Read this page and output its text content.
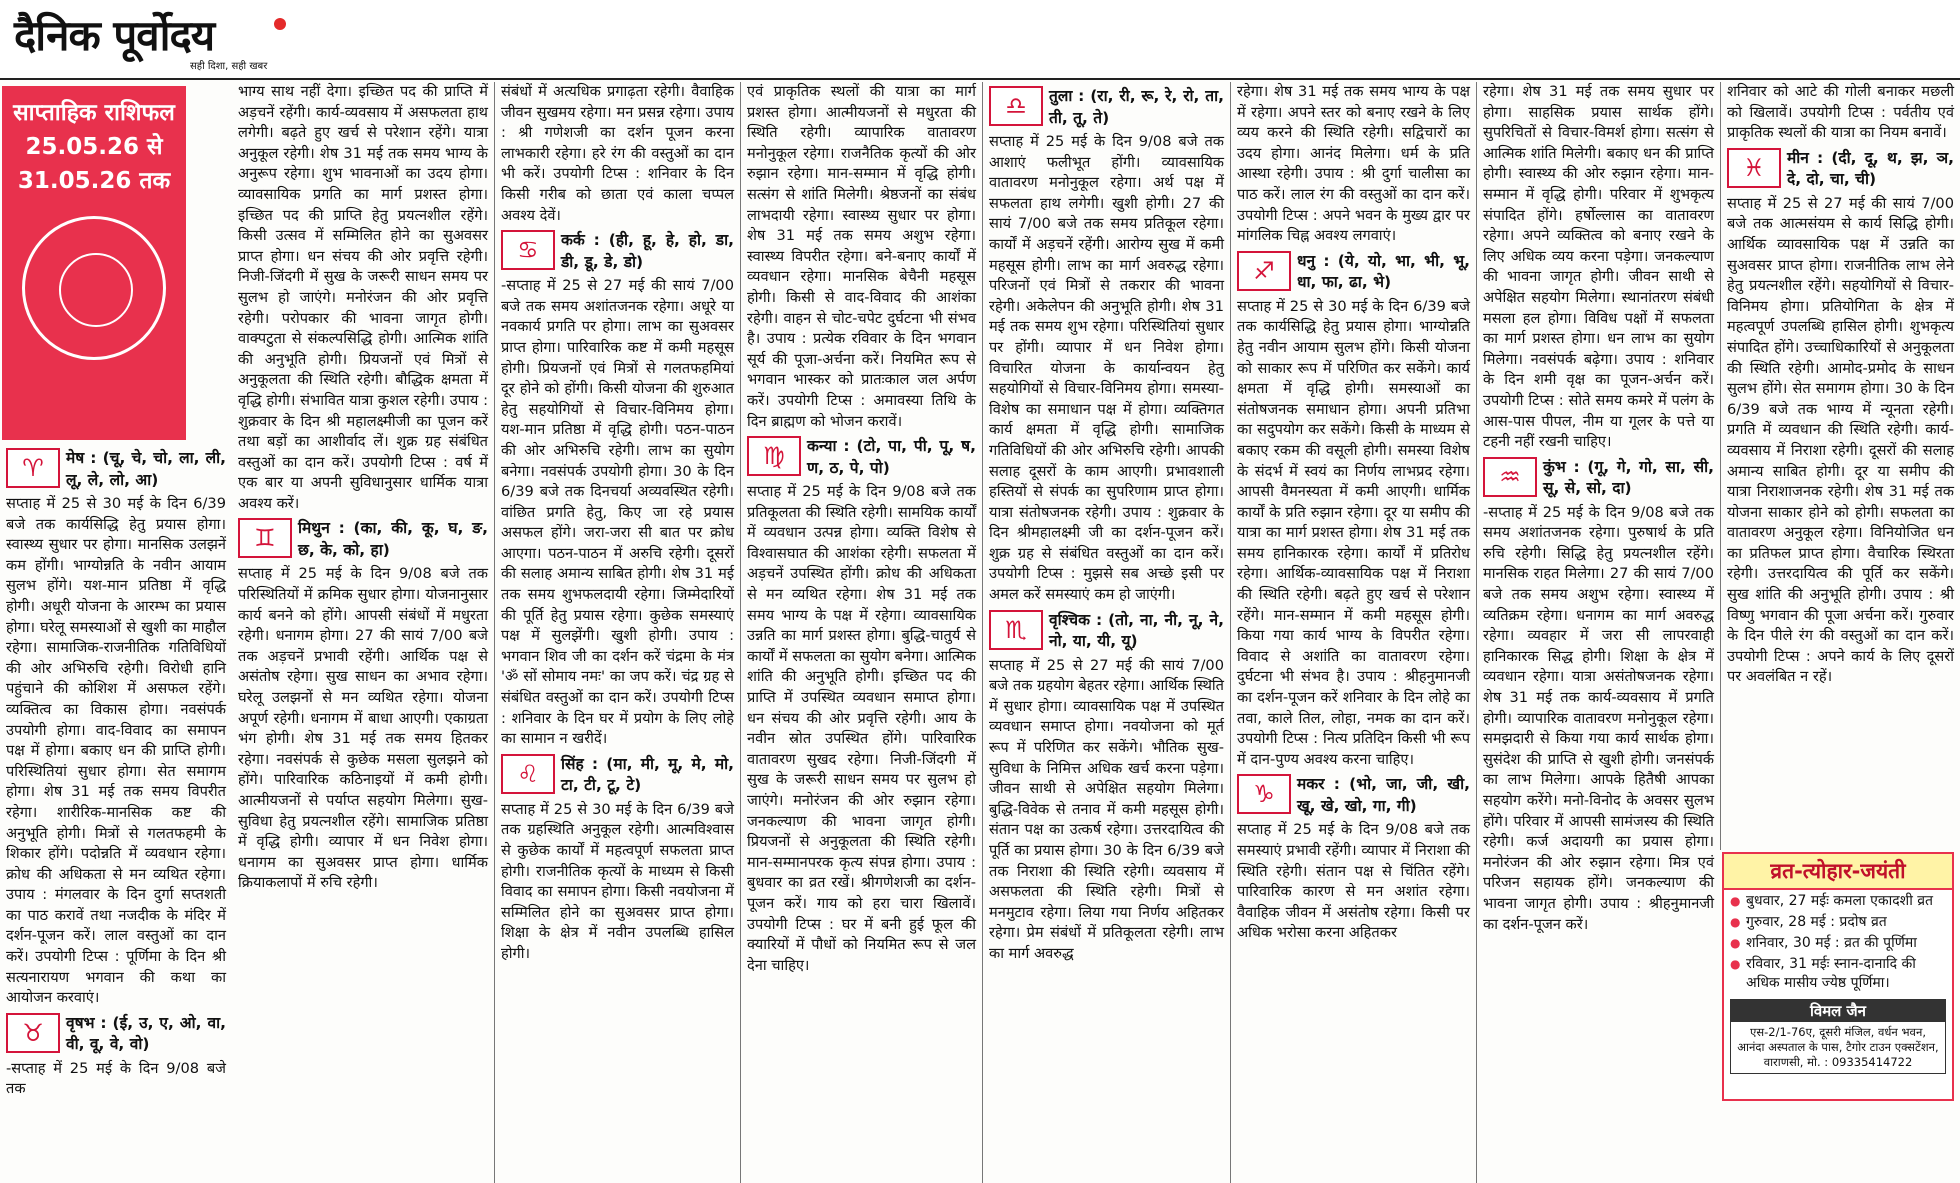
दैनिक पूर्वोदय
सही दिशा, सही खबर
♈	मेष : (चू, चे, चो, ला, ली, लू, ले, लो, आ)

सप्ताह में 25 से 30 मई के दिन 6/39 बजे तक कार्यसिद्धि हेतु प्रयास होगा। स्वास्थ्य सुधार पर होगा। मानसिक उलझनें कम होंगी। भाग्योन्नति के नवीन आयाम सुलभ होंगे। यश-मान प्रतिष्ठा में वृद्धि होगी। अधूरी योजना के आरम्भ का प्रयास होगा। घरेलू समस्याओं से खुशी का माहौल रहेगा। सामाजिक-राजनीतिक गतिविधियों की ओर अभिरुचि रहेगी। विरोधी हानि पहुंचाने की कोशिश में असफल रहेंगे। व्यक्तित्व का विकास होगा। नवसंपर्क उपयोगी होगा। वाद-विवाद का समापन पक्ष में होगा। बकाए धन की प्राप्ति होगी। परिस्थितियां सुधार होगा। सेत समागम होगा। शेष 31 मई तक समय विपरीत रहेगा। शारीरिक-मानसिक कष्ट की अनुभूति होगी। मित्रों से गलतफहमी के शिकार होंगे। पदोन्नति में व्यवधान रहेगा। क्रोध की अधिकता से मन व्यथित रहेगा। उपाय : मंगलवार के दिन दुर्गा सप्तशती का पाठ करावें तथा नजदीक के मंदिर में दर्शन-पूजन करें। लाल वस्तुओं का दान करें। उपयोगी टिप्स : पूर्णिमा के दिन श्री सत्यनारायण भगवान की कथा का आयोजन करवाएं।

♉	वृषभ : (ई, उ, ए, ओ, वा, वी, वू, वे, वो)

-सप्ताह में 25 मई के दिन 9/08 बजे तक

साप्ताहिक राशिफल 25.05.26 से 31.05.26 तक

भाग्य साथ नहीं देगा। इच्छित पद की प्राप्ति में अड़चनें रहेंगी। कार्य-व्यवसाय में असफलता हाथ लगेगी। बढ़ते हुए खर्च से परेशान रहेंगे। यात्रा अनुकूल रहेगी। शेष 31 मई तक समय भाग्य के अनुरूप रहेगा। शुभ भावनाओं का उदय होगा। व्यावसायिक प्रगति का मार्ग प्रशस्त होगा। इच्छित पद की प्राप्ति हेतु प्रयत्नशील रहेंगे। किसी उत्सव में सम्मिलित होने का सुअवसर प्राप्त होगा। धन संचय की ओर प्रवृत्ति रहेगी। निजी-जिंदगी में सुख के जरूरी साधन समय पर सुलभ हो जाएंगे। मनोरंजन की ओर प्रवृत्ति रहेगी। परोपकार की भावना जागृत होगी। वाक्पटुता से संकल्पसिद्धि होगी। आत्मिक शांति की अनुभूति होगी। प्रियजनों एवं मित्रों से अनुकूलता की स्थिति रहेगी। बौद्धिक क्षमता में वृद्धि होगी। संभावित यात्रा कुशल रहेगी। उपाय : शुक्रवार के दिन श्री महालक्ष्मीजी का पूजन करें तथा बड़ों का आशीर्वाद लें। शुक्र ग्रह संबंधित वस्तुओं का दान करें। उपयोगी टिप्स : वर्ष में एक बार या अपनी सुविधानुसार धार्मिक यात्रा अवश्य करें।

♊	मिथुन : (का, की, कू, घ, ङ, छ, के, को, हा)

सप्ताह में 25 मई के दिन 9/08 बजे तक परिस्थितियों में क्रमिक सुधार होगा। योजनानुसार कार्य बनने को होंगे। आपसी संबंधों में मधुरता रहेगी। धनागम होगा। 27 की सायं 7/00 बजे तक अड़चनें प्रभावी रहेंगी। आर्थिक पक्ष से असंतोष रहेगा। सुख साधन का अभाव रहेगा। घरेलू उलझनों से मन व्यथित रहेगा। योजना अपूर्ण रहेगी। धनागम में बाधा आएगी। एकाग्रता भंग होगी। शेष 31 मई तक समय हितकर रहेगा। नवसंपर्क से कुछेक मसला सुलझने को होंगे। पारिवारिक कठिनाइयों में कमी होगी। आत्मीयजनों से पर्याप्त सहयोग मिलेगा। सुख-सुविधा हेतु प्रयत्नशील रहेंगे। सामाजिक प्रतिष्ठा में वृद्धि होगी। व्यापार में धन निवेश होगा। धनागम का सुअवसर प्राप्त होगा। धार्मिक क्रियाकलापों में रुचि रहेगी।

संबंधों में अत्यधिक प्रगाढ़ता रहेगी। वैवाहिक जीवन सुखमय रहेगा। मन प्रसन्न रहेगा। उपाय : श्री गणेशजी का दर्शन पूजन करना लाभकारी रहेगा। हरे रंग की वस्तुओं का दान भी करें। उपयोगी टिप्स : शनिवार के दिन किसी गरीब को छाता एवं काला चप्पल अवश्य देवें।

♋	कर्क : (ही, हू, हे, हो, डा, डी, डू, डे, डो)

-सप्ताह में 25 से 27 मई की सायं 7/00 बजे तक समय अशांतजनक रहेगा। अधूरे या नवकार्य प्रगति पर होगा। लाभ का सुअवसर प्राप्त होगा। पारिवारिक कष्ट में कमी महसूस होगी। प्रियजनों एवं मित्रों से गलतफहमियां दूर होने को होंगी। किसी योजना की शुरुआत हेतु सहयोगियों से विचार-विनिमय होगा। यश-मान प्रतिष्ठा में वृद्धि होगी। पठन-पाठन की ओर अभिरुचि रहेगी। लाभ का सुयोग बनेगा। नवसंपर्क उपयोगी होगा। 30 के दिन 6/39 बजे तक दिनचर्या अव्यवस्थित रहेगी। वांछित प्रगति हेतु, किए जा रहे प्रयास असफल होंगे। जरा-जरा सी बात पर क्रोध आएगा। पठन-पाठन में अरुचि रहेगी। दूसरों की सलाह अमान्य साबित होगी। शेष 31 मई तक समय शुभफलदायी रहेगा। जिम्मेदारियों की पूर्ति हेतु प्रयास रहेगा। कुछेक समस्याएं पक्ष में सुलझेंगी। खुशी होगी। उपाय : भगवान शिव जी का दर्शन करें चंद्रमा के मंत्र 'ॐ सों सोमाय नमः' का जप करें। चंद्र ग्रह से संबंधित वस्तुओं का दान करें। उपयोगी टिप्स : शनिवार के दिन घर में प्रयोग के लिए लोहे का सामान न खरीदें।

♌	सिंह : (मा, मी, मू, मे, मो, टा, टी, टू, टे)

सप्ताह में 25 से 30 मई के दिन 6/39 बजे तक ग्रहस्थिति अनुकूल रहेगी। आत्मविश्वास से कुछेक कार्यों में महत्वपूर्ण सफलता प्राप्त होगी। राजनीतिक कृत्यों के माध्यम से किसी विवाद का समापन होगा। किसी नवयोजना में सम्मिलित होने का सुअवसर प्राप्त होगा। शिक्षा के क्षेत्र में नवीन उपलब्धि हासिल होगी।

एवं प्राकृतिक स्थलों की यात्रा का मार्ग प्रशस्त होगा। आत्मीयजनों से मधुरता की स्थिति रहेगी। व्यापारिक वातावरण मनोनुकूल रहेगा। राजनैतिक कृत्यों की ओर रुझान रहेगा। मान-सम्मान में वृद्धि होगी। सत्संग से शांति मिलेगी। श्रेष्ठजनों का संबंध लाभदायी रहेगा। स्वास्थ्य सुधार पर होगा। शेष 31 मई तक समय अशुभ रहेगा। स्वास्थ्य विपरीत रहेगा। बने-बनाए कार्यों में व्यवधान रहेगा। मानसिक बेचैनी महसूस होगी। किसी से वाद-विवाद की आशंका रहेगी। वाहन से चोट-चपेट दुर्घटना भी संभव है। उपाय : प्रत्येक रविवार के दिन भगवान सूर्य की पूजा-अर्चना करें। नियमित रूप से भगवान भास्कर को प्रातःकाल जल अर्पण करें। उपयोगी टिप्स : अमावस्या तिथि के दिन ब्राह्मण को भोजन करावें।

♍	कन्या : (टो, पा, पी, पू, ष, ण, ठ, पे, पो)

सप्ताह में 25 मई के दिन 9/08 बजे तक प्रतिकूलता की स्थिति रहेगी। सामयिक कार्यों में व्यवधान उत्पन्न होगा। व्यक्ति विशेष से विश्वासघात की आशंका रहेगी। सफलता में अड़चनें उपस्थित होंगी। क्रोध की अधिकता से मन व्यथित रहेगा। शेष 31 मई तक समय भाग्य के पक्ष में रहेगा। व्यावसायिक उन्नति का मार्ग प्रशस्त होगा। बुद्धि-चातुर्य से कार्यों में सफलता का सुयोग बनेगा। आत्मिक शांति की अनुभूति होगी। इच्छित पद की प्राप्ति में उपस्थित व्यवधान समाप्त होगा। धन संचय की ओर प्रवृत्ति रहेगी। आय के नवीन स्रोत उपस्थित होंगे। पारिवारिक वातावरण सुखद रहेगा। निजी-जिंदगी में सुख के जरूरी साधन समय पर सुलभ हो जाएंगे। मनोरंजन की ओर रुझान रहेगा। जनकल्याण की भावना जागृत होगी। प्रियजनों से अनुकूलता की स्थिति रहेगी। मान-सम्मानपरक कृत्य संपन्न होगा। उपाय : बुधवार का व्रत रखें। श्रीगणेशजी का दर्शन-पूजन करें। गाय को हरा चारा खिलावें। उपयोगी टिप्स : घर में बनी हुई फूल की क्यारियों में पौधों को नियमित रूप से जल देना चाहिए।

♎	तुला : (रा, री, रू, रे, रो, ता, ती, तू, ते)

सप्ताह में 25 मई के दिन 9/08 बजे तक आशाएं फलीभूत होंगी। व्यावसायिक वातावरण मनोनुकूल रहेगा। अर्थ पक्ष में सफलता हाथ लगेगी। खुशी होगी। 27 की सायं 7/00 बजे तक समय प्रतिकूल रहेगा। कार्यों में अड़चनें रहेंगी। आरोग्य सुख में कमी महसूस होगी। लाभ का मार्ग अवरुद्ध रहेगा। परिजनों एवं मित्रों से तकरार की भावना रहेगी। अकेलेपन की अनुभूति होगी। शेष 31 मई तक समय शुभ रहेगा। परिस्थितियां सुधार पर होंगी। व्यापार में धन निवेश होगा। विचारित योजना के कार्यान्वयन हेतु सहयोगियों से विचार-विनिमय होगा। समस्या-विशेष का समाधान पक्ष में होगा। व्यक्तिगत कार्य क्षमता में वृद्धि होगी। सामाजिक गतिविधियों की ओर अभिरुचि रहेगी। आपकी सलाह दूसरों के काम आएगी। प्रभावशाली हस्तियों से संपर्क का सुपरिणाम प्राप्त होगा। यात्रा संतोषजनक रहेगी। उपाय : शुक्रवार के दिन श्रीमहालक्ष्मी जी का दर्शन-पूजन करें। शुक्र ग्रह से संबंधित वस्तुओं का दान करें। उपयोगी टिप्स : मुझसे सब अच्छे इसी पर अमल करें समस्याएं कम हो जाएंगी।

♏	वृश्चिक : (तो, ना, नी, नू, ने, नो, या, यी, यू)

सप्ताह में 25 से 27 मई की सायं 7/00 बजे तक ग्रहयोग बेहतर रहेगा। आर्थिक स्थिति में सुधार होगा। व्यावसायिक पक्ष में उपस्थित व्यवधान समाप्त होगा। नवयोजना को मूर्त रूप में परिणित कर सकेंगे। भौतिक सुख-सुविधा के निमित्त अधिक खर्च करना पड़ेगा। जीवन साथी से अपेक्षित सहयोग मिलेगा। बुद्धि-विवेक से तनाव में कमी महसूस होगी। संतान पक्ष का उत्कर्ष रहेगा। उत्तरदायित्व की पूर्ति का प्रयास होगा। 30 के दिन 6/39 बजे तक निराशा की स्थिति रहेगी। व्यवसाय में असफलता की स्थिति रहेगी। मित्रों से मनमुटाव रहेगा। लिया गया निर्णय अहितकर रहेगा। प्रेम संबंधों में प्रतिकूलता रहेगी। लाभ का मार्ग अवरुद्ध

रहेगा। शेष 31 मई तक समय भाग्य के पक्ष में रहेगा। अपने स्तर को बनाए रखने के लिए व्यय करने की स्थिति रहेगी। सद्विचारों का उदय होगा। आनंद मिलेगा। धर्म के प्रति आस्था रहेगी। उपाय : श्री दुर्गा चालीसा का पाठ करें। लाल रंग की वस्तुओं का दान करें। उपयोगी टिप्स : अपने भवन के मुख्य द्वार पर मांगलिक चिह्न अवश्य लगवाएं।

♐	धनु : (ये, यो, भा, भी, भू, धा, फा, ढा, भे)

सप्ताह में 25 से 30 मई के दिन 6/39 बजे तक कार्यसिद्धि हेतु प्रयास होगा। भाग्योन्नति हेतु नवीन आयाम सुलभ होंगे। किसी योजना को साकार रूप में परिणित कर सकेंगे। कार्य क्षमता में वृद्धि होगी। समस्याओं का संतोषजनक समाधान होगा। अपनी प्रतिभा का सदुपयोग कर सकेंगे। किसी के माध्यम से बकाए रकम की वसूली होगी। समस्या विशेष के संदर्भ में स्वयं का निर्णय लाभप्रद रहेगा। आपसी वैमनस्यता में कमी आएगी। धार्मिक कार्यों के प्रति रुझान रहेगा। दूर या समीप की यात्रा का मार्ग प्रशस्त होगा। शेष 31 मई तक समय हानिकारक रहेगा। कार्यों में प्रतिरोध रहेगा। आर्थिक-व्यावसायिक पक्ष में निराशा की स्थिति रहेगी। बढ़ते हुए खर्च से परेशान रहेंगे। मान-सम्मान में कमी महसूस होगी। किया गया कार्य भाग्य के विपरीत रहेगा। विवाद से अशांति का वातावरण रहेगा। दुर्घटना भी संभव है। उपाय : श्रीहनुमानजी का दर्शन-पूजन करें शनिवार के दिन लोहे का तवा, काले तिल, लोहा, नमक का दान करें। उपयोगी टिप्स : नित्य प्रतिदिन किसी भी रूप में दान-पुण्य अवश्य करना चाहिए।

♑	मकर : (भो, जा, जी, खी, खू, खे, खो, गा, गी)

सप्ताह में 25 मई के दिन 9/08 बजे तक समस्याएं प्रभावी रहेंगी। व्यापार में निराशा की स्थिति रहेगी। संतान पक्ष से चिंतित रहेंगे। पारिवारिक कारण से मन अशांत रहेगा। वैवाहिक जीवन में असंतोष रहेगा। किसी पर अधिक भरोसा करना अहितकर

रहेगा। शेष 31 मई तक समय सुधार पर होगा। साहसिक प्रयास सार्थक होंगे। सुपरिचितों से विचार-विमर्श होगा। सत्संग से आत्मिक शांति मिलेगी। बकाए धन की प्राप्ति होगी। स्वास्थ्य की ओर रुझान रहेगा। मान-सम्मान में वृद्धि होगी। परिवार में शुभकृत्य संपादित होंगे। हर्षोल्लास का वातावरण रहेगा। अपने व्यक्तित्व को बनाए रखने के लिए अधिक व्यय करना पड़ेगा। जनकल्याण की भावना जागृत होगी। जीवन साथी से अपेक्षित सहयोग मिलेगा। स्थानांतरण संबंधी मसला हल होगा। विविध पक्षों में सफलता का मार्ग प्रशस्त होगा। धन लाभ का सुयोग मिलेगा। नवसंपर्क बढ़ेगा। उपाय : शनिवार के दिन शमी वृक्ष का पूजन-अर्चन करें। उपयोगी टिप्स : सोते समय कमरे में पलंग के आस-पास पीपल, नीम या गूलर के पत्ते या टहनी नहीं रखनी चाहिए।

♒	कुंभ : (गू, गे, गो, सा, सी, सू, से, सो, दा)

-सप्ताह में 25 मई के दिन 9/08 बजे तक समय अशांतजनक रहेगा। पुरुषार्थ के प्रति रुचि रहेगी। सिद्धि हेतु प्रयत्नशील रहेंगे। मानसिक राहत मिलेगा। 27 की सायं 7/00 बजे तक समय अशुभ रहेगा। स्वास्थ्य में व्यतिक्रम रहेगा। धनागम का मार्ग अवरुद्ध रहेगा। व्यवहार में जरा सी लापरवाही हानिकारक सिद्ध होगी। शिक्षा के क्षेत्र में व्यवधान रहेगा। यात्रा असंतोषजनक रहेगा। शेष 31 मई तक कार्य-व्यवसाय में प्रगति होगी। व्यापारिक वातावरण मनोनुकूल रहेगा। समझदारी से किया गया कार्य सार्थक होगा। सुसंदेश की प्राप्ति से खुशी होगी। जनसंपर्क का लाभ मिलेगा। आपके हितैषी आपका सहयोग करेंगे। मनो-विनोद के अवसर सुलभ होंगे। परिवार में आपसी सामंजस्य की स्थिति रहेगी। कर्ज अदायगी का प्रयास होगा। मनोरंजन की ओर रुझान रहेगा। मित्र एवं परिजन सहायक होंगे। जनकल्याण की भावना जागृत होगी। उपाय : श्रीहनुमानजी का दर्शन-पूजन करें।

शनिवार को आटे की गोली बनाकर मछली को खिलावें। उपयोगी टिप्स : पर्वतीय एवं प्राकृतिक स्थलों की यात्रा का नियम बनावें।

♓	मीन : (दी, दू, थ, झ, ञ, दे, दो, चा, ची)

सप्ताह में 25 से 27 मई की सायं 7/00 बजे तक आत्मसंयम से कार्य सिद्धि होगी। आर्थिक व्यावसायिक पक्ष में उन्नति का सुअवसर प्राप्त होगा। राजनीतिक लाभ लेने हेतु प्रयत्नशील रहेंगे। सहयोगियों से विचार-विनिमय होगा। प्रतियोगिता के क्षेत्र में महत्वपूर्ण उपलब्धि हासिल होगी। शुभकृत्य संपादित होंगे। उच्चाधिकारियों से अनुकूलता की स्थिति रहेगी। आमोद-प्रमोद के साधन सुलभ होंगे। सेत समागम होगा। 30 के दिन 6/39 बजे तक भाग्य में न्यूनता रहेगी। प्रगति में व्यवधान की स्थिति रहेगी। कार्य-व्यवसाय में निराशा रहेगी। दूसरों की सलाह अमान्य साबित होगी। दूर या समीप की यात्रा निराशाजनक रहेगी। शेष 31 मई तक योजना साकार होने को होगी। सफलता का वातावरण अनुकूल रहेगा। विनियोजित धन का प्रतिफल प्राप्त होगा। वैचारिक स्थिरता रहेगी। उत्तरदायित्व की पूर्ति कर सकेंगे। सुख शांति की अनुभूति होगी। उपाय : श्री विष्णु भगवान की पूजा अर्चना करें। गुरुवार के दिन पीले रंग की वस्तुओं का दान करें। उपयोगी टिप्स : अपने कार्य के लिए दूसरों पर अवलंबित न रहें।

व्रत-त्योहार-जयंती
● बुधवार, 27 मईः कमला एकादशी व्रत
● गुरुवार, 28 मई : प्रदोष व्रत
● शनिवार, 30 मई : व्रत की पूर्णिमा
● रविवार, 31 मईः स्नान-दानादि की अधिक मासीय ज्येष्ठ पूर्णिमा।
विमल जैन
एस-2/1-76ए, दूसरी मंजिल, वर्धन भवन, आनंदा अस्पताल के पास, टैगोर टाउन एक्सटेंशन, वाराणसी, मो. : 09335414722
